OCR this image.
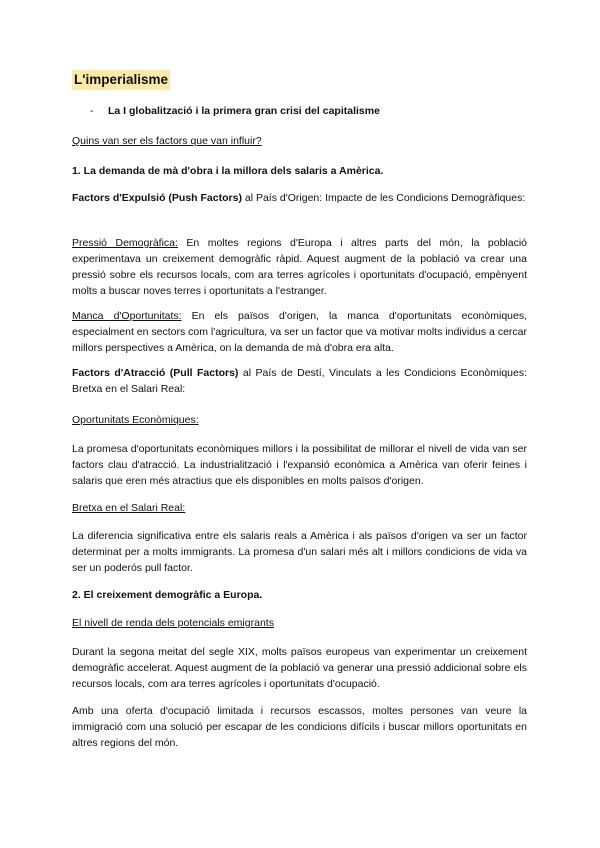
L'imperialisme
- La I globalització i la primera gran crisi del capitalisme
Quins van ser els factors que van influir?
1. La demanda de mà d'obra i la millora dels salaris a Amèrica.
Factors d'Expulsió (Push Factors) al País d'Origen: Impacte de les Condicions Demogràfiques:
Pressió Demogràfica: En moltes regions d'Europa i altres parts del món, la població experimentava un creixement demogràfic ràpid. Aquest augment de la població va crear una pressió sobre els recursos locals, com ara terres agrícoles i oportunitats d'ocupació, empènyent molts a buscar noves terres i oportunitats a l'estranger.
Manca d'Oportunitats: En els països d'origen, la manca d'oportunitats econòmiques, especialment en sectors com l'agricultura, va ser un factor que va motivar molts individus a cercar millors perspectives a Amèrica, on la demanda de mà d'obra era alta.
Factors d'Atracció (Pull Factors) al País de Destí, Vinculats a les Condicions Econòmiques: Bretxa en el Salari Real:
Oportunitats Econòmiques:
La promesa d'oportunitats econòmiques millors i la possibilitat de millorar el nivell de vida van ser factors clau d'atracció. La industrialització i l'expansió econòmica a Amèrica van oferir feines i salaris que eren més atractius que els disponibles en molts països d'origen.
Bretxa en el Salari Real:
La diferencia significativa entre els salaris reals a Amèrica i als països d'origen va ser un factor determinat per a molts immigrants. La promesa d'un salari més alt i millors condicions de vida va ser un poderós pull factor.
2. El creixement demogràfic a Europa.
El nivell de renda dels potencials emigrants
Durant la segona meitat del segle XIX, molts països europeus van experimentar un creixement demogràfic accelerat. Aquest augment de la població va generar una pressió addicional sobre els recursos locals, com ara terres agrícoles i oportunitats d'ocupació.
Amb una oferta d'ocupació limitada i recursos escassos, moltes persones van veure la immigració com una solució per escapar de les condicions difícils i buscar millors oportunitats en altres regions del món.
